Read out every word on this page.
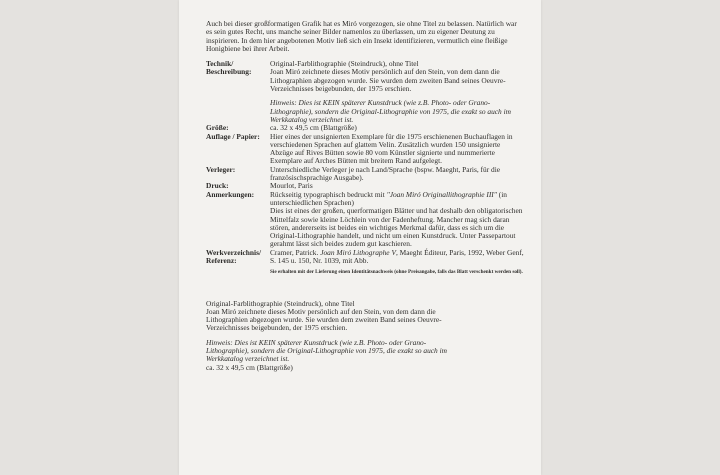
Auch bei dieser großformatigen Grafik hat es Miró vorgezogen, sie ohne Titel zu belassen. Natürlich war es sein gutes Recht, uns manche seiner Bilder namenlos zu überlassen, um zu eigener Deutung zu inspirieren. In dem hier angebotenen Motiv ließ sich ein Insekt identifizieren, vermutlich eine fleißige Honigbiene bei ihrer Arbeit.

Technik/ Beschreibung:

Original-Farblithographie (Steindruck), ohne Titel

Joan Miró zeichnete dieses Motiv persönlich auf den Stein, von dem dann die Lithographien abgezogen wurde. Sie wurden dem zweiten Band seines Oeuvre-Verzeichnisses beigebunden, der 1975 erschien.

Hinweis: Dies ist KEIN späterer Kunstdruck (wie z.B. Photo- oder Grano-Lithographie), sondern die Original-Lithographie von 1975, die exakt so auch im Werkkatalog verzeichnet ist.

Größe:	ca. 32 x 49,5 cm (Blattgröße)
Auflage / Papier:	Hier eines der unsignierten Exemplare für die 1975 erschienenen Buchauflagen in verschiedenen Sprachen auf glattem Velin. Zusätzlich wurden 150 unsignierte Abzüge auf Rives Bütten sowie 80 vom Künstler signierte und nummerierte Exemplare auf Arches Bütten mit breitem Rand aufgelegt.
Verleger:	Unterschiedliche Verleger je nach Land/Sprache (bspw. Maeght, Paris, für die französischsprachige Ausgabe).
Druck:	Mourlot, Paris
Anmerkungen:	Rückseitig typographisch bedruckt mit "Joan Miró Originallithographie III" (in unterschiedlichen Sprachen)

Dies ist eines der großen, querformatigen Blätter und hat deshalb den obligatorischen Mittelfalz sowie kleine Löchlein von der Fadenheftung. Mancher mag sich daran stören, andererseits ist beides ein wichtiges Merkmal dafür, dass es sich um die Original-Lithographie handelt, und nicht um einen Kunstdruck. Unter Passepartout gerahmt lässt sich beides zudem gut kaschieren.

Werkverzeichnis/ Referenz:
Cramer, Patrick. Joan Miró Lithographe V, Maeght Éditeur, Paris, 1992, Weber Genf, S. 145 u. 150, Nr. 1039, mit Abb.

Sie erhalten mit der Lieferung einen Identitätsnachweis (ohne Preisangabe, falls das Blatt verschenkt werden soll).

Original-Farblithographie (Steindruck), ohne Titel

Joan Miró zeichnete dieses Motiv persönlich auf den Stein, von dem dann die Lithographien abgezogen wurde. Sie wurden dem zweiten Band seines Oeuvre-Verzeichnisses beigebunden, der 1975 erschien.

Hinweis: Dies ist KEIN späterer Kunstdruck (wie z.B. Photo- oder Grano-Lithographie), sondern die Original-Lithographie von 1975, die exakt so auch im Werkkatalog verzeichnet ist.

ca. 32 x 49,5 cm (Blattgröße)
